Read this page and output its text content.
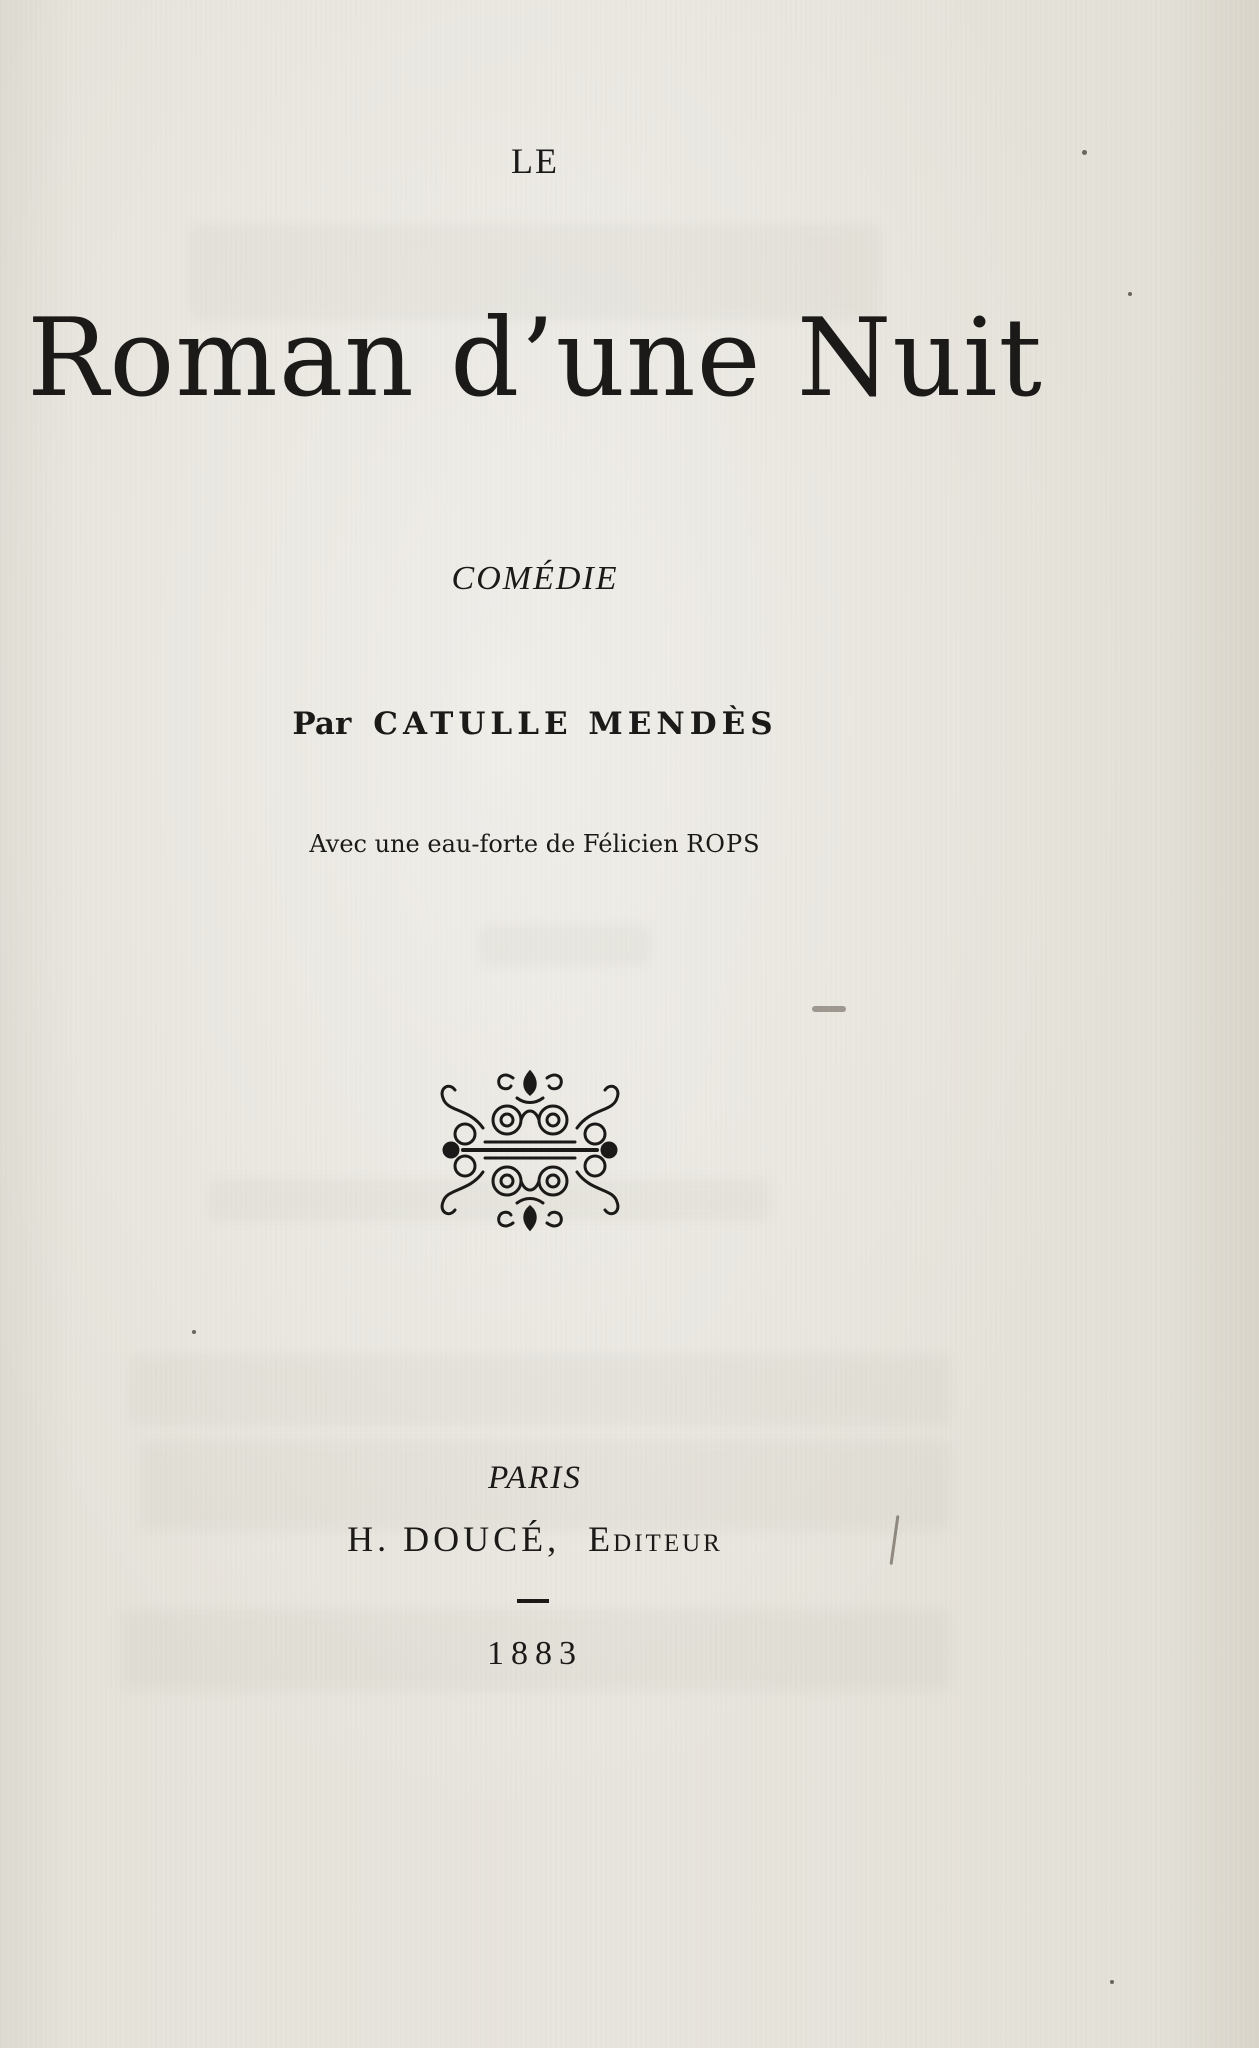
LE
Roman d’une Nuit
COMÉDIE
Par CATULLE MENDÈS
Avec une eau-forte de Félicien ROPS
PARIS
H. DOUCÉ, Editeur
1883
